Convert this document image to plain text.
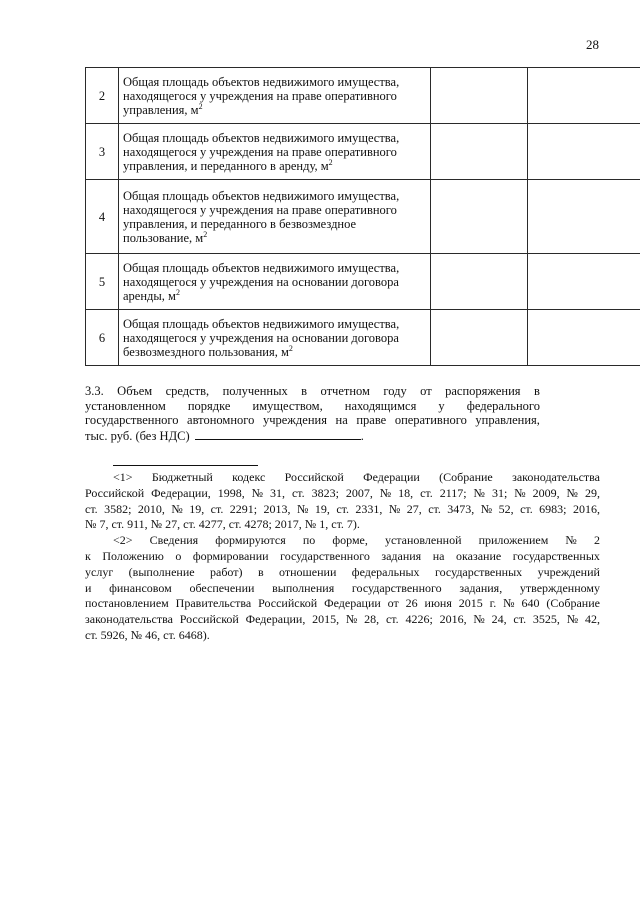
28
2	Общая площадь объектов недвижимого имущества,
находящегося у учреждения на праве оперативного
управления, $м^2$

3	Общая площадь объектов недвижимого имущества,
находящегося у учреждения на праве оперативного
управления, и переданного в аренду, $м^2$

4	Общая площадь объектов недвижимого имущества,
находящегося у учреждения на праве оперативного
управления, и переданного в безвозмездное
пользование, $м^2$

5	Общая площадь объектов недвижимого имущества,
находящегося у учреждения на основании договора
аренды, $м^2$

6	Общая площадь объектов недвижимого имущества,
находящегося у учреждения на основании договора
безвозмездного пользования, $м^2$

3.3. Объем средств, полученных в отчетном году от распоряжения в
установленном порядке имуществом, находящимся у федерального
государственного автономного учреждения на праве оперативного управления,
тыс. руб. (без НДС)	.
<1> Бюджетный кодекс Российской Федерации (Собрание законодательства
Российской Федерации, 1998, № 31, ст. 3823; 2007, № 18, ст. 2117; № 31; № 2009, № 29,
ст. 3582; 2010, № 19, ст. 2291; 2013, № 19, ст. 2331, № 27, ст. 3473, № 52, ст. 6983; 2016,
№ 7, ст. 911, № 27, ст. 4277, ст. 4278; 2017, № 1, ст. 7).
<2> Сведения формируются по форме, установленной приложением № 2
к Положению о формировании государственного задания на оказание государственных
услуг (выполнение работ) в отношении федеральных государственных учреждений
и финансовом обеспечении выполнения государственного задания, утвержденному
постановлением Правительства Российской Федерации от 26 июня 2015 г. № 640 (Собрание
законодательства Российской Федерации, 2015, № 28, ст. 4226; 2016, № 24, ст. 3525, № 42,
ст. 5926, № 46, ст. 6468).
